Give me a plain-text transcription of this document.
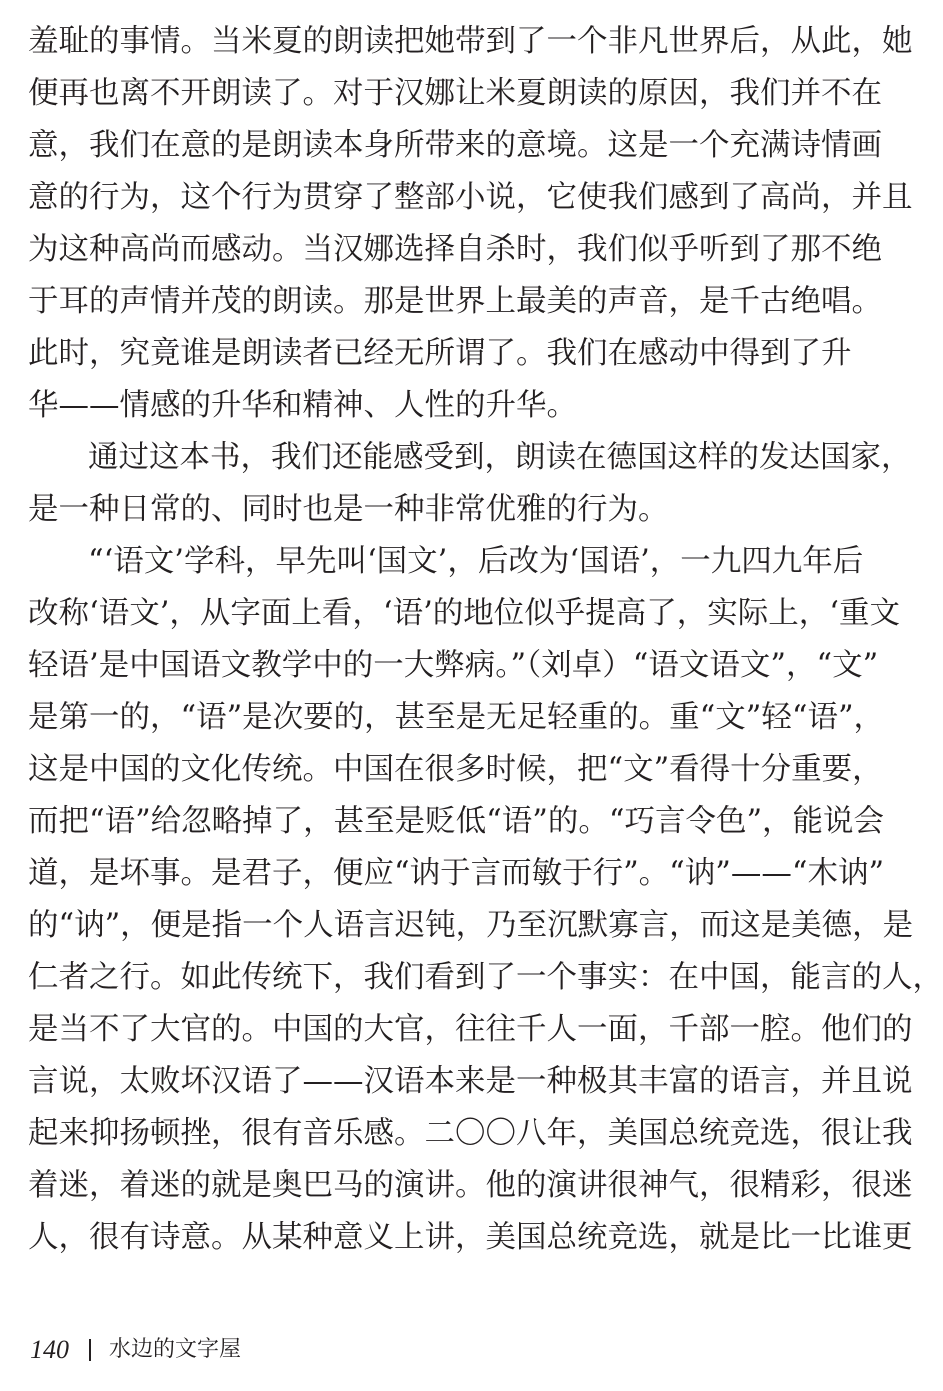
羞耻的事情。当米夏的朗读把她带到了一个非凡世界后，从此，她
便再也离不开朗读了。对于汉娜让米夏朗读的原因，我们并不在
意，我们在意的是朗读本身所带来的意境。这是一个充满诗情画
意的行为，这个行为贯穿了整部小说，它使我们感到了高尚，并且
为这种高尚而感动。当汉娜选择自杀时，我们似乎听到了那不绝
于耳的声情并茂的朗读。那是世界上最美的声音，是千古绝唱。
此时，究竟谁是朗读者已经无所谓了。我们在感动中得到了升
华——情感的升华和精神、人性的升华。
通过这本书，我们还能感受到，朗读在德国这样的发达国家，
是一种日常的、同时也是一种非常优雅的行为。
“‘语文’学科，早先叫‘国文’，后改为‘国语’，一九四九年后
改称‘语文’，从字面上看，‘语’的地位似乎提高了，实际上，‘重文
轻语’是中国语文教学中的一大弊病。”（刘卓）“语文语文”，“文”
是第一的，“语”是次要的，甚至是无足轻重的。重“文”轻“语”，
这是中国的文化传统。中国在很多时候，把“文”看得十分重要，
而把“语”给忽略掉了，甚至是贬低“语”的。“巧言令色”，能说会
道，是坏事。是君子，便应“讷于言而敏于行”。“讷”——“木讷”
的“讷”，便是指一个人语言迟钝，乃至沉默寡言，而这是美德，是
仁者之行。如此传统下，我们看到了一个事实：在中国，能言的人，
是当不了大官的。中国的大官，往往千人一面，千部一腔。他们的
言说，太败坏汉语了——汉语本来是一种极其丰富的语言，并且说
起来抑扬顿挫，很有音乐感。二〇〇八年，美国总统竞选，很让我
着迷，着迷的就是奥巴马的演讲。他的演讲很神气，很精彩，很迷
人，很有诗意。从某种意义上讲，美国总统竞选，就是比一比谁更
140 水边的文字屋
